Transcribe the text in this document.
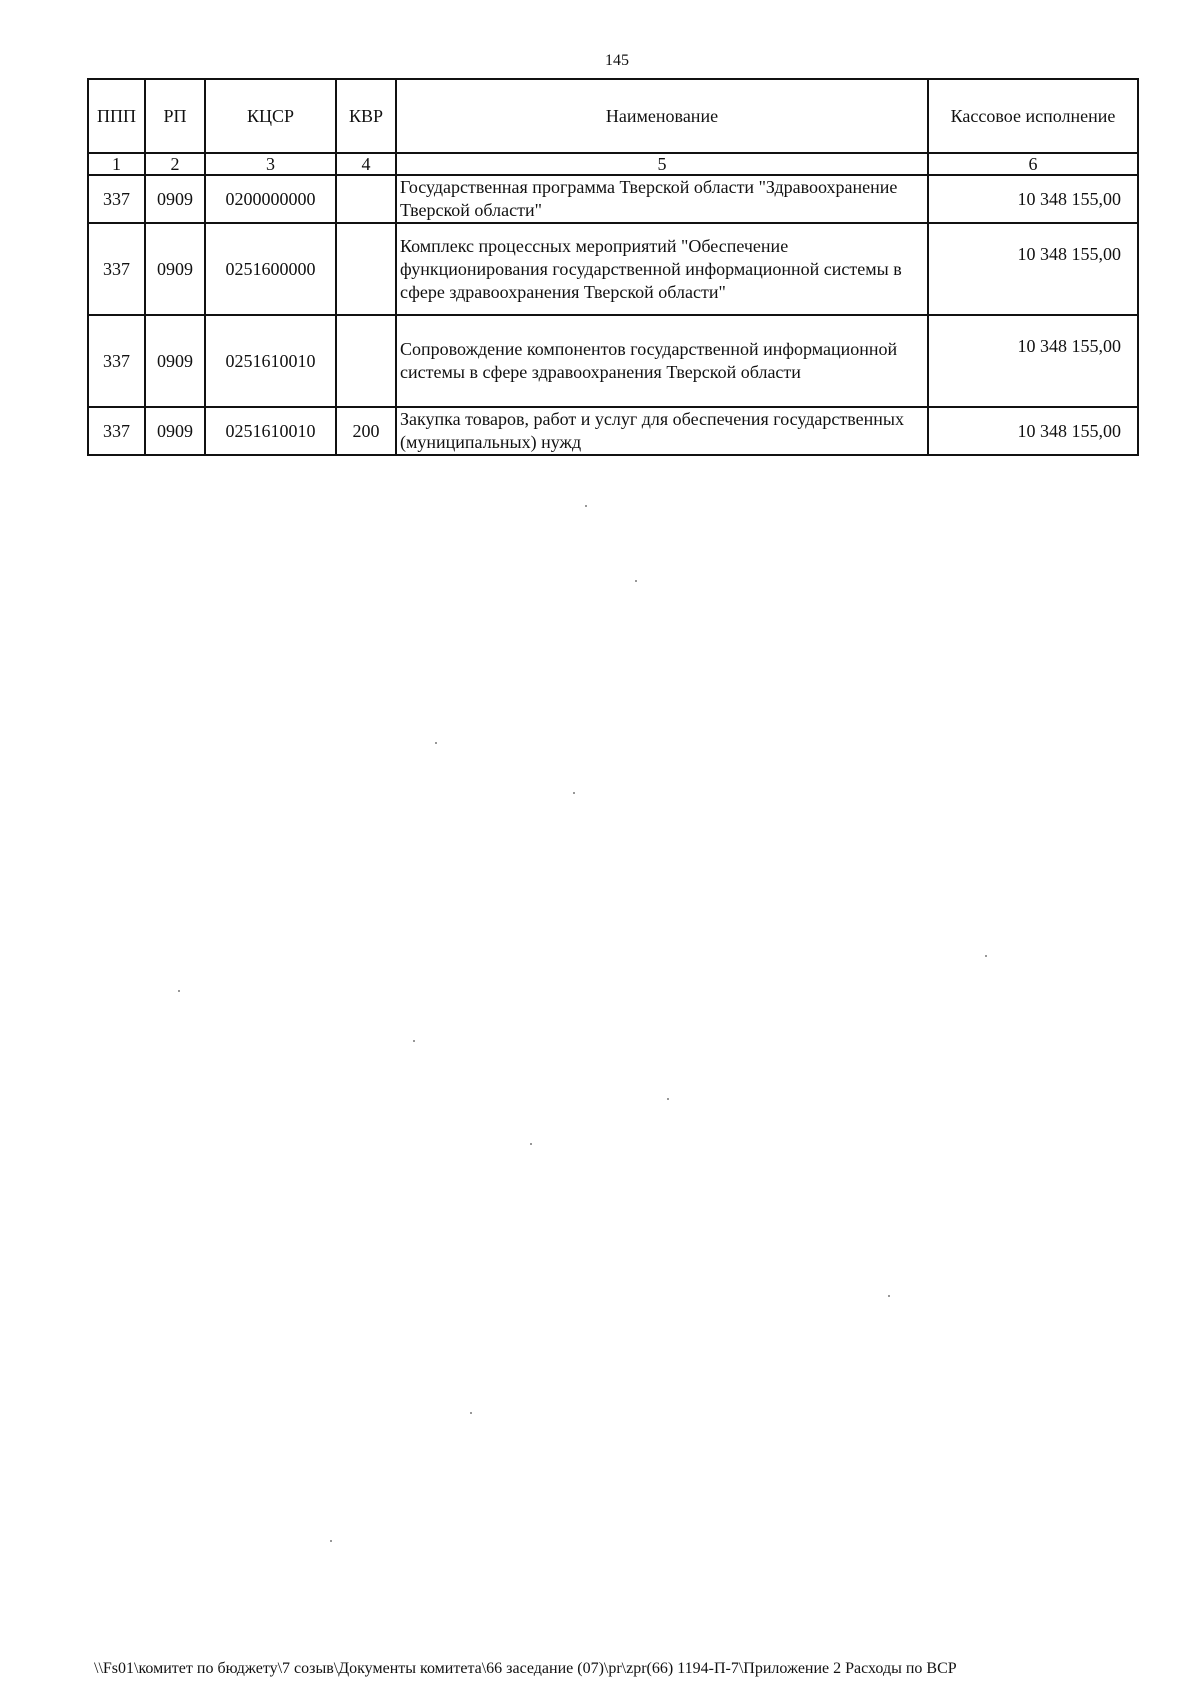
145
ППП	РП	КЦСР	КВР	Наименование	Кассовое исполнение
1	2	3	4	5	6
337	0909	0200000000		Государственная программа Тверской области "Здравоохранение Тверской области"	10 348 155,00
337	0909	0251600000		Комплекс процессных мероприятий "Обеспечение функционирования государственной информационной системы в сфере здравоохранения Тверской области"	10 348 155,00
337	0909	0251610010		Сопровождение компонентов государственной информационной системы в сфере здравоохранения Тверской области	10 348 155,00
337	0909	0251610010	200	Закупка товаров, работ и услуг для обеспечения государственных (муниципальных) нужд	10 348 155,00
\\Fs01\комитет по бюджету\7 созыв\Документы комитета\66 заседание (07)\pr\zpr(66) 1194-П-7\Приложение 2 Расходы по ВСР
